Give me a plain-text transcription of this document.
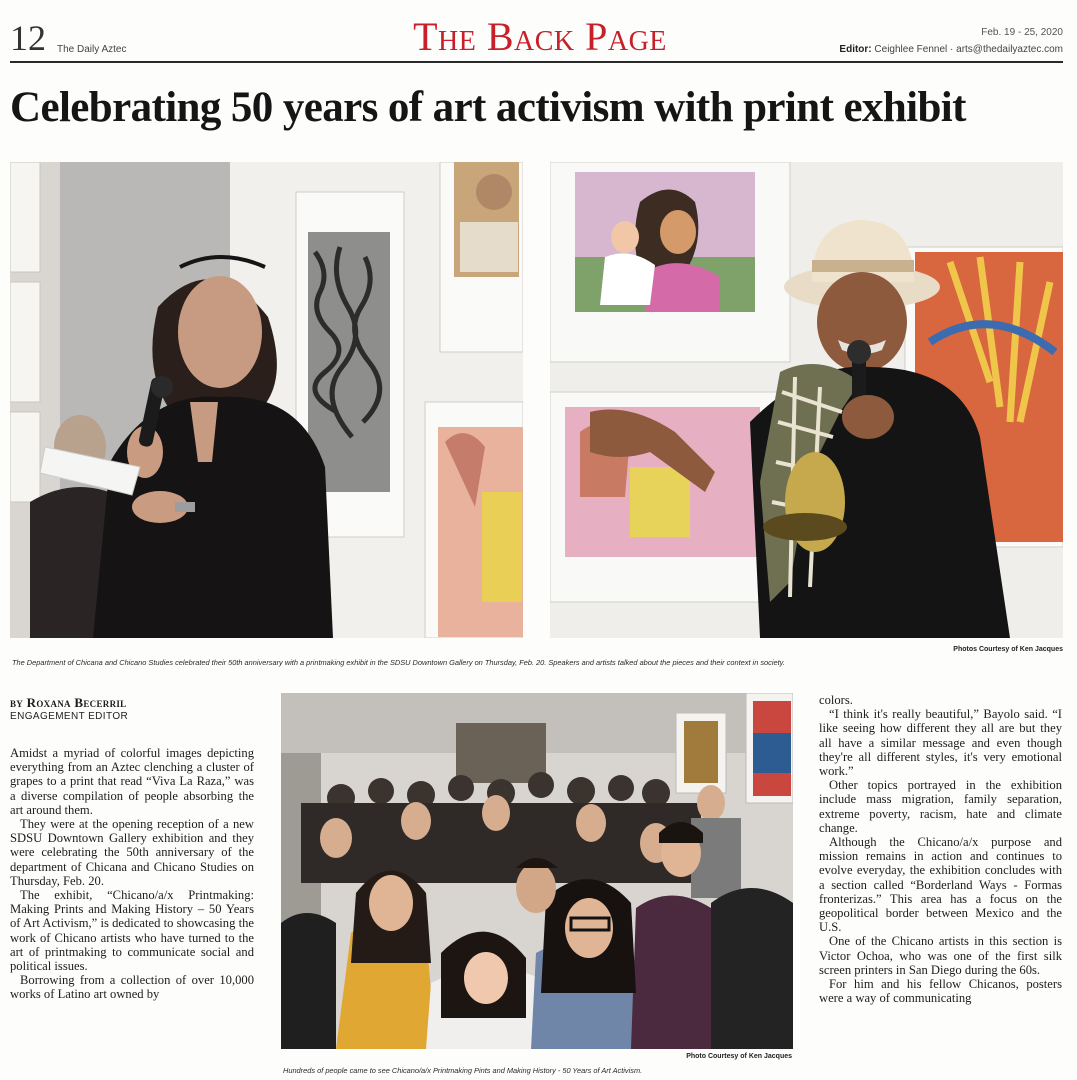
12 The Daily Aztec	The Back Page	Feb. 19 - 25, 2020
Editor: Ceighlee Fennel · arts@thedailyaztec.com
Celebrating 50 years of art activism with print exhibit
Photos Courtesy of Ken Jacques
The Department of Chicana and Chicano Studies celebrated their 50th anniversary with a printmaking exhibit in the SDSU Downtown Gallery on Thursday, Feb. 20. Speakers and artists talked about the pieces and their context in society.
BY Roxana Becerril
ENGAGEMENT EDITOR

Amidst a myriad of colorful images depicting everything from an Aztec clenching a cluster of grapes to a print that read “Viva La Raza,” was a diverse compilation of people absorbing the art around them.

They were at the opening reception of a new SDSU Downtown Gallery exhibition and they were celebrating the 50th anniversary of the department of Chicana and Chicano Studies on Thursday, Feb. 20.

The exhibit, “Chicano/a/x Printmaking: Making Prints and Making History – 50 Years of Art Activism,” is dedicated to showcasing the work of Chicano artists who have turned to the art of printmaking to communicate social and political issues.

Borrowing from a collection of over 10,000 works of Latino art owned by

Photo Courtesy of Ken Jacques
Hundreds of people came to see Chicano/a/x Printmaking Pints and Making History - 50 Years of Art Activism.

colors.

“I think it's really beautiful,” Bayolo said. “I like seeing how different they all are but they all have a similar message and even though they're all different styles, it's very emotional work.”

Other topics portrayed in the exhibition include mass migration, family separation, extreme poverty, racism, hate and climate change.

Although the Chicano/a/x purpose and mission remains in action and continues to evolve everyday, the exhibition concludes with a section called “Borderland Ways - Formas fronterizas.” This area has a focus on the geopolitical border between Mexico and the U.S.

One of the Chicano artists in this section is Victor Ochoa, who was one of the first silk screen printers in San Diego during the 60s.

For him and his fellow Chicanos, posters were a way of communicating
